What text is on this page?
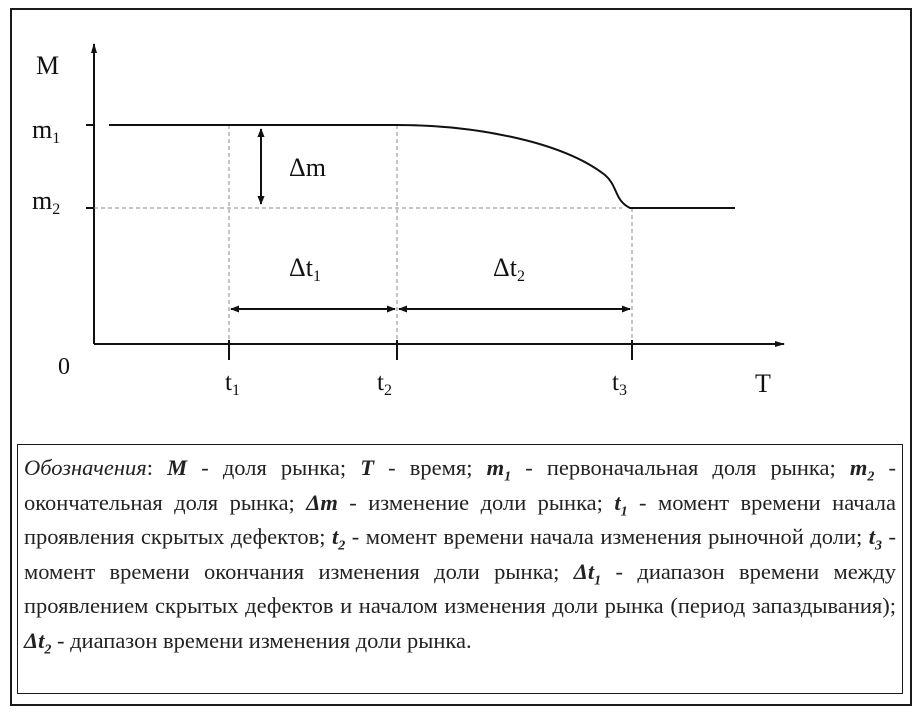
M
T
0
m1
m2
$t_1$	$t_2$	$t_3$
Δm
Δt1	Δt2
Обозначения: M - доля рынка; T - время; $m_1$ - первоначальная доля рынка; $m_2$ - окончательная доля рынка; Δm - изменение доли рынка; $t_1$ - момент времени начала проявления скрытых дефектов; $t_2$ - момент времени начала изменения рыночной доли; $t_3$ - момент времени окончания изменения доли рынка; $\Delta t_1$ - диапазон времени между проявлением скрытых дефектов и началом изменения доли рынка (период запаздывания); $\Delta t_2$ - диапазон времени изменения доли рынка.
